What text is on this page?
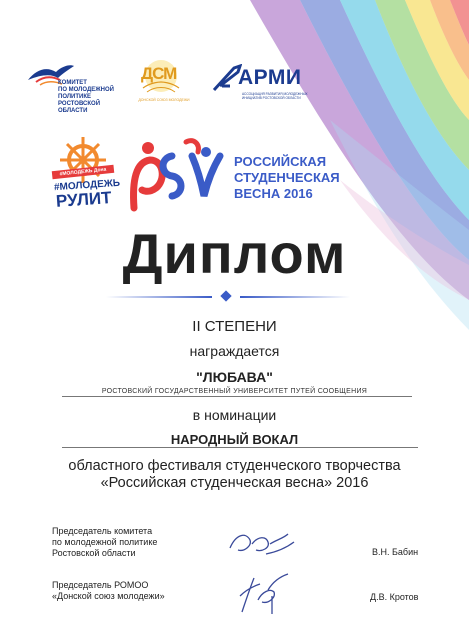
КОМИТЕТ
ПО МОЛОДЕЖНОЙ
ПОЛИТИКЕ
РОСТОВСКОЙ
ОБЛАСТИ
ДСМ
ДОНСКОЙ СОЮЗ МОЛОДЕЖИ
АРМИ
АССОЦИАЦИЯ РАЗВИТИЯ МОЛОДЕЖНЫХ ИНИЦИАТИВ РОСТОВСКОЙ ОБЛАСТИ
#МОЛОДЕЖЬ Дона
#МОЛОДЕЖЬ
РУЛИТ
РОССИЙСКАЯ
СТУДЕНЧЕСКАЯ
ВЕСНА 2016
Диплом
II СТЕПЕНИ
награждается
"ЛЮБАВА"
РОСТОВСКИЙ ГОСУДАРСТВЕННЫЙ УНИВЕРСИТЕТ ПУТЕЙ СООБЩЕНИЯ
в номинации
НАРОДНЫЙ ВОКАЛ
областного фестиваля студенческого творчества
«Российская студенческая весна» 2016
Председатель комитета
по молодежной политике
Ростовской области	В.Н. Бабин
Председатель РОМОО
«Донской союз молодежи»	Д.В. Кротов
